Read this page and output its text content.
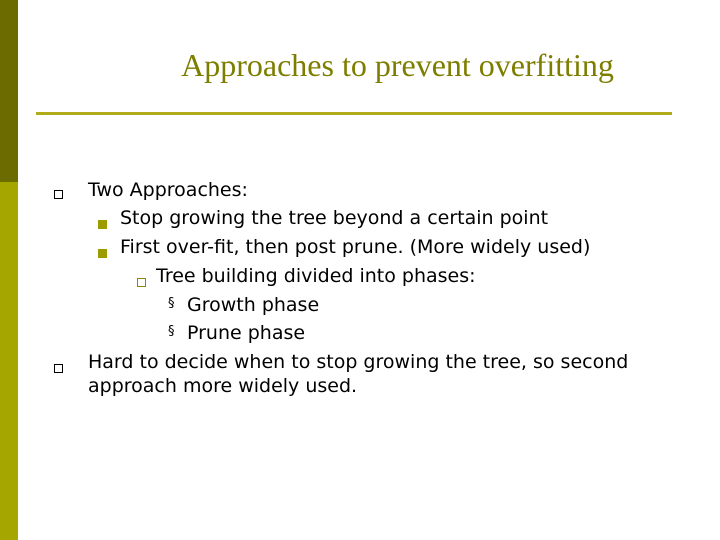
Approaches to prevent overfitting
Two Approaches:
Stop growing the tree beyond a certain point
First over-fit, then post prune. (More widely used)
Tree building divided into phases:
§ Growth phase
§ Prune phase
Hard to decide when to stop growing the tree, so second
approach more widely used.
